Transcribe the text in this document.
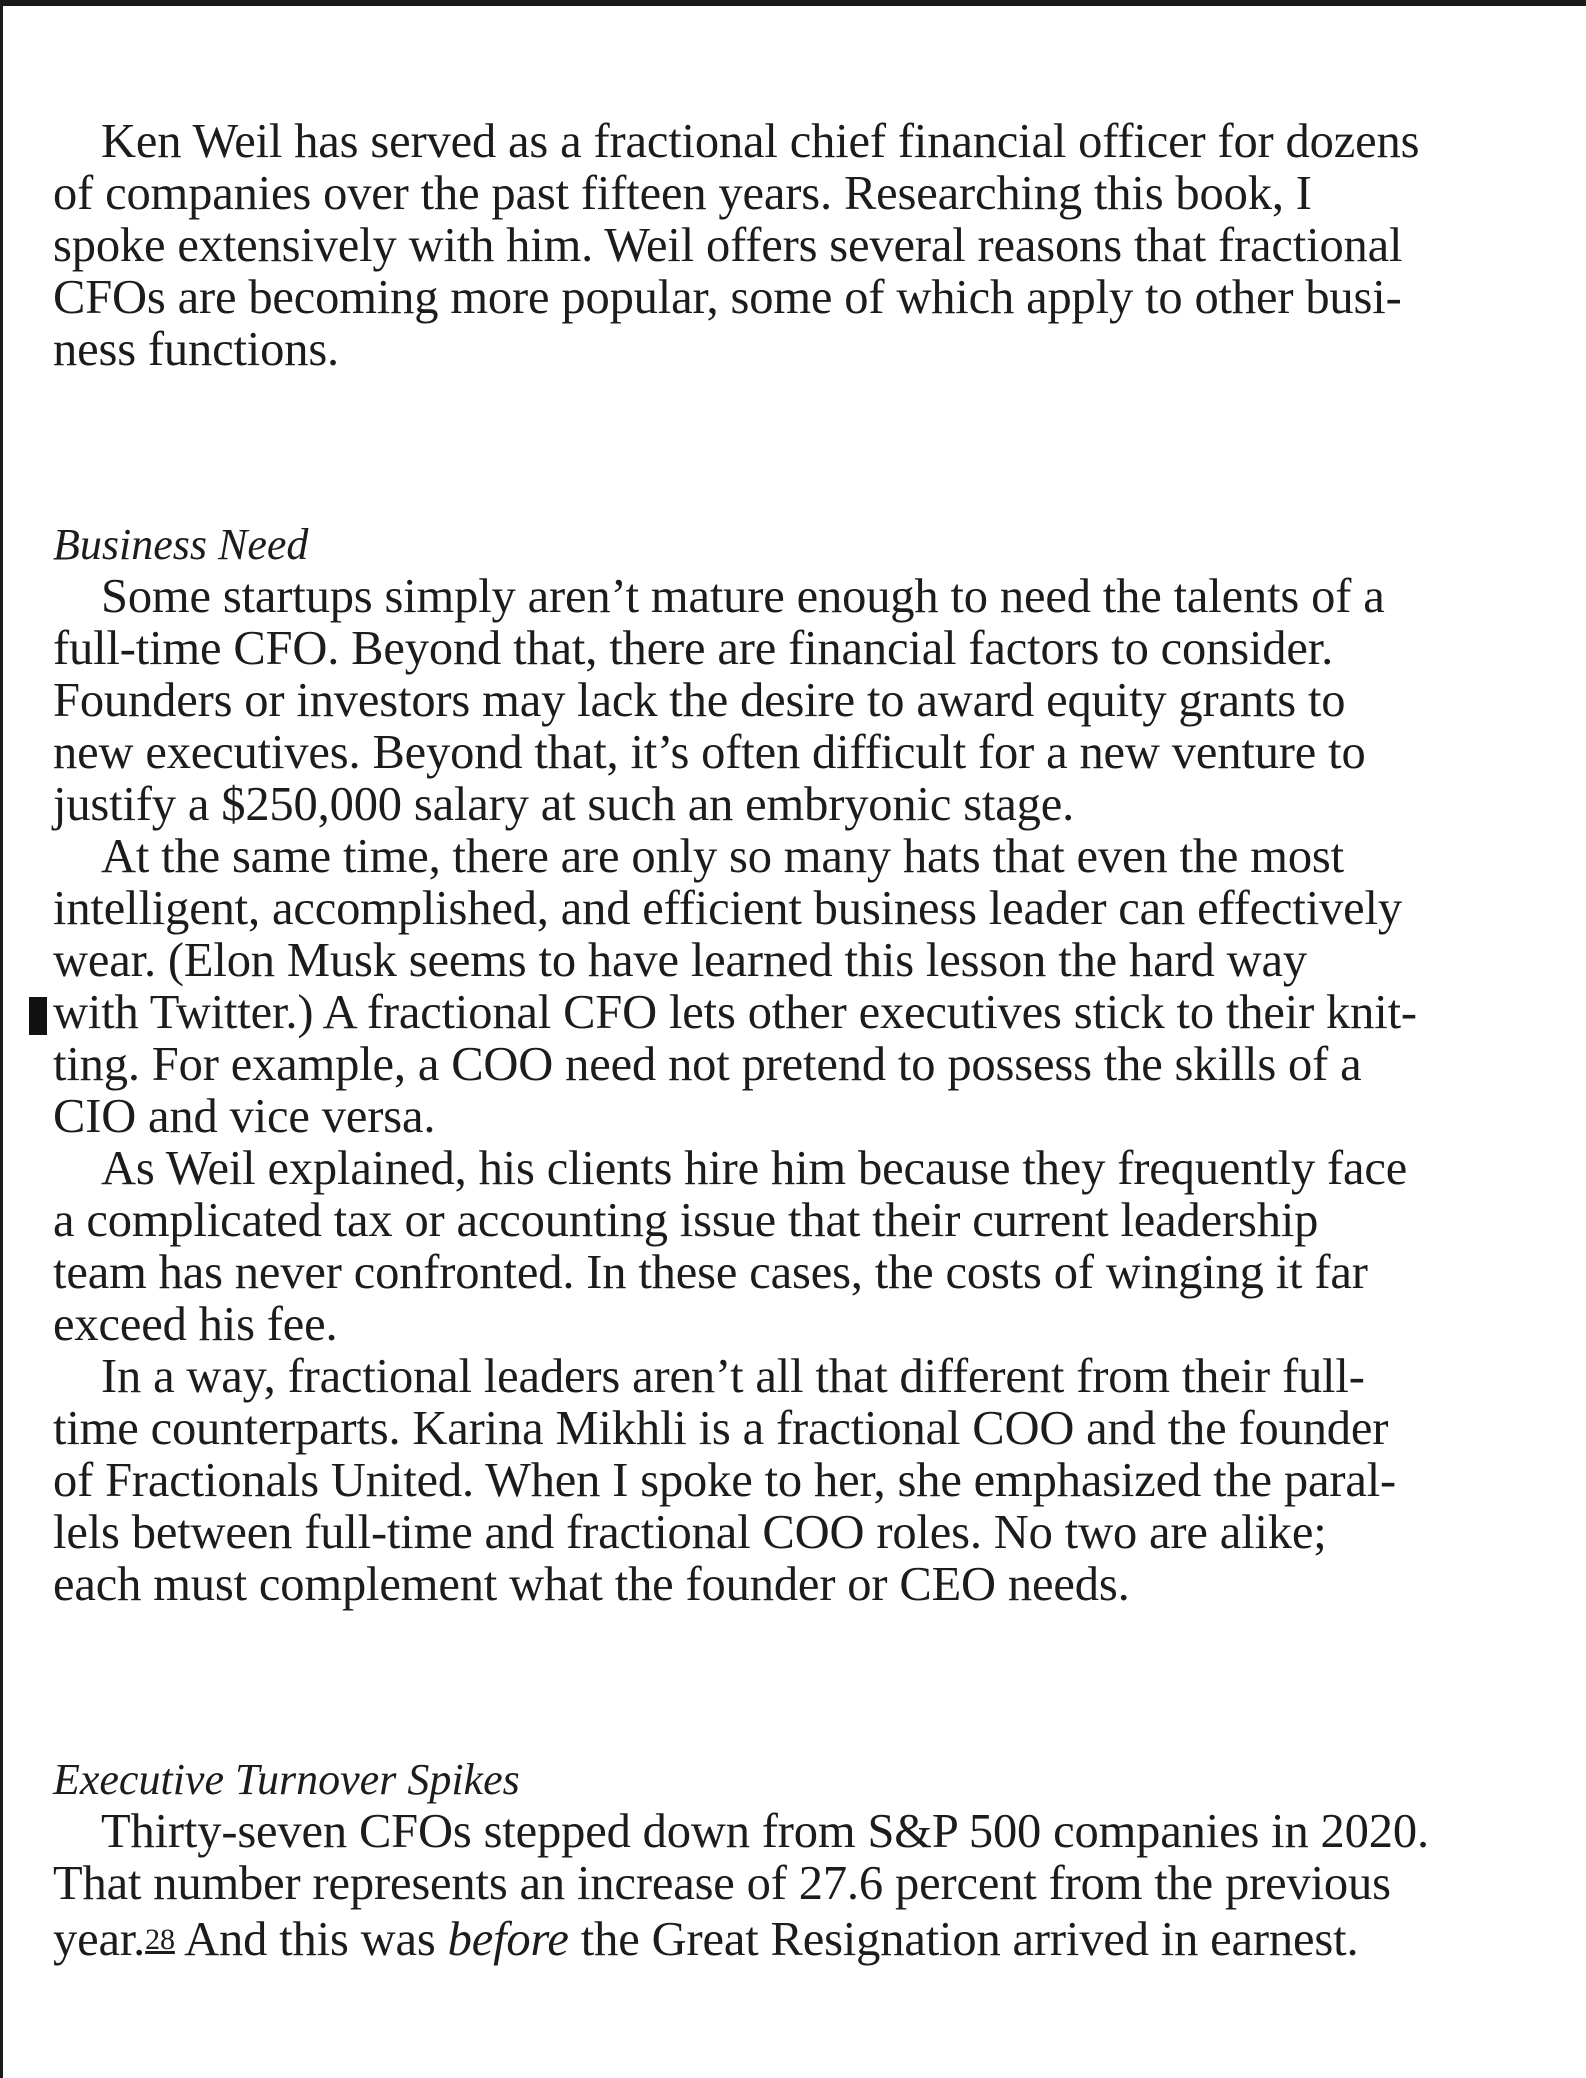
Ken Weil has served as a fractional chief financial officer for dozens
of companies over the past fifteen years. Researching this book, I
spoke extensively with him. Weil offers several reasons that fractional
CFOs are becoming more popular, some of which apply to other busi-
ness functions.
Business Need
Some startups simply aren’t mature enough to need the talents of a
full-time CFO. Beyond that, there are financial factors to consider.
Founders or investors may lack the desire to award equity grants to
new executives. Beyond that, it’s often difficult for a new venture to
justify a $250,000 salary at such an embryonic stage.
At the same time, there are only so many hats that even the most
intelligent, accomplished, and efficient business leader can effectively
wear. (Elon Musk seems to have learned this lesson the hard way
with Twitter.) A fractional CFO lets other executives stick to their knit-
ting. For example, a COO need not pretend to possess the skills of a
CIO and vice versa.
As Weil explained, his clients hire him because they frequently face
a complicated tax or accounting issue that their current leadership
team has never confronted. In these cases, the costs of winging it far
exceed his fee.
In a way, fractional leaders aren’t all that different from their full-
time counterparts. Karina Mikhli is a fractional COO and the founder
of Fractionals United. When I spoke to her, she emphasized the paral-
lels between full-time and fractional COO roles. No two are alike;
each must complement what the founder or CEO needs.
Executive Turnover Spikes
Thirty-seven CFOs stepped down from S&P 500 companies in 2020.
That number represents an increase of 27.6 percent from the previous
year.$^{28}$ And this was before the Great Resignation arrived in earnest.
